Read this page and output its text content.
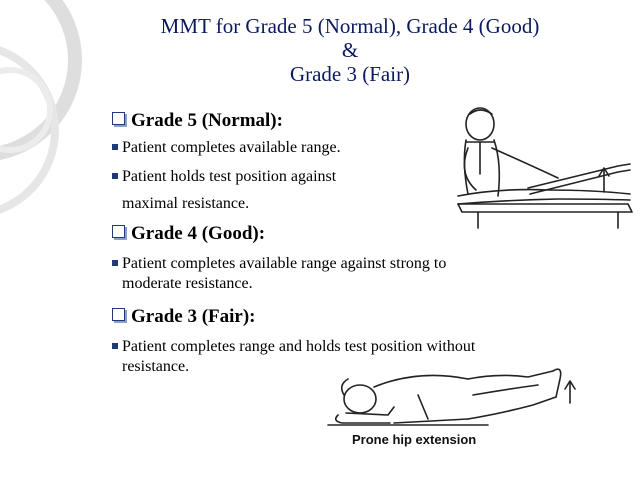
MMT for Grade 5 (Normal), Grade 4 (Good)
&
Grade 3 (Fair)
Grade 5 (Normal):
Patient completes available range.
Patient holds test position against
maximal resistance.
Grade 4 (Good):
Patient completes available range against strong to
moderate resistance.
Grade 3 (Fair):
Patient completes range and holds test position without
resistance.
Prone hip extension
